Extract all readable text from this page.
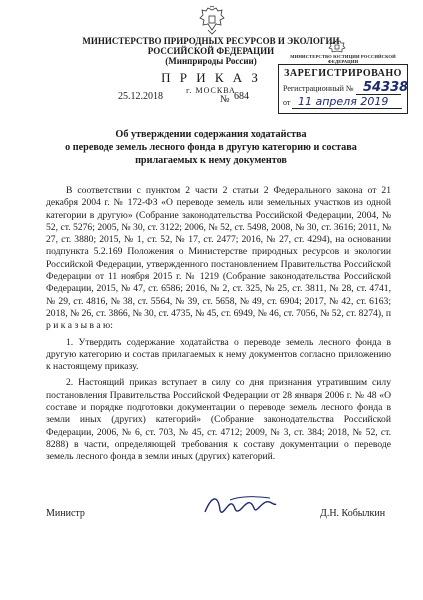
МИНИСТЕРСТВО ПРИРОДНЫХ РЕСУРСОВ И ЭКОЛОГИИ
РОССИЙСКОЙ ФЕДЕРАЦИИ
(Минприроды России)	МИНИСТЕРСТВО ЮСТИЦИИ РОССИЙСКОЙ ФЕДЕРАЦИИ
ЗАРЕГИСТРИРОВАНО
Регистрационный № 54338
от 11 апреля 2019
П Р И К А З
г. МОСКВА
25.12.2018	№ 684
Об утверждении содержания ходатайства
о переводе земель лесного фонда в другую категорию и состава
прилагаемых к нему документов

В соответствии с пунктом 2 части 2 статьи 2 Федерального закона от 21 декабря 2004 г. № 172-ФЗ «О переводе земель или земельных участков из одной категории в другую» (Собрание законодательства Российской Федерации, 2004, № 52, ст. 5276; 2005, № 30, ст. 3122; 2006, № 52, ст. 5498, 2008, № 30, ст. 3616; 2011, № 27, ст. 3880; 2015, № 1, ст. 52, № 17, ст. 2477; 2016, № 27, ст. 4294), на основании подпункта 5.2.169 Положения о Министерстве природных ресурсов и экологии Российской Федерации, утвержденного постановлением Правительства Российской Федерации от 11 ноября 2015 г. № 1219 (Собрание законодательства Российской Федерации, 2015, № 47, ст. 6586; 2016, № 2, ст. 325, № 25, ст. 3811, № 28, ст. 4741, № 29, ст. 4816, № 38, ст. 5564, № 39, ст. 5658, № 49, ст. 6904; 2017, № 42, ст. 6163; 2018, № 26, ст. 3866, № 30, ст. 4735, № 45, ст. 6949, № 46, ст. 7056, № 52, ст. 8274), п р и к а з ы в а ю:

1. Утвердить содержание ходатайства о переводе земель лесного фонда в другую категорию и состав прилагаемых к нему документов согласно приложению к настоящему приказу.

2. Настоящий приказ вступает в силу со дня признания утратившим силу постановления Правительства Российской Федерации от 28 января 2006 г. № 48 «О составе и порядке подготовки документации о переводе земель лесного фонда в земли иных (других) категорий» (Собрание законодательства Российской Федерации, 2006, № 6, ст. 703, № 45, ст. 4712; 2009, № 3, ст. 384; 2018, № 52, ст. 8288) в части, определяющей требования к составу документации о переводе земель лесного фонда в земли иных (других) категорий.

Министр	Д.Н. Кобылкин
